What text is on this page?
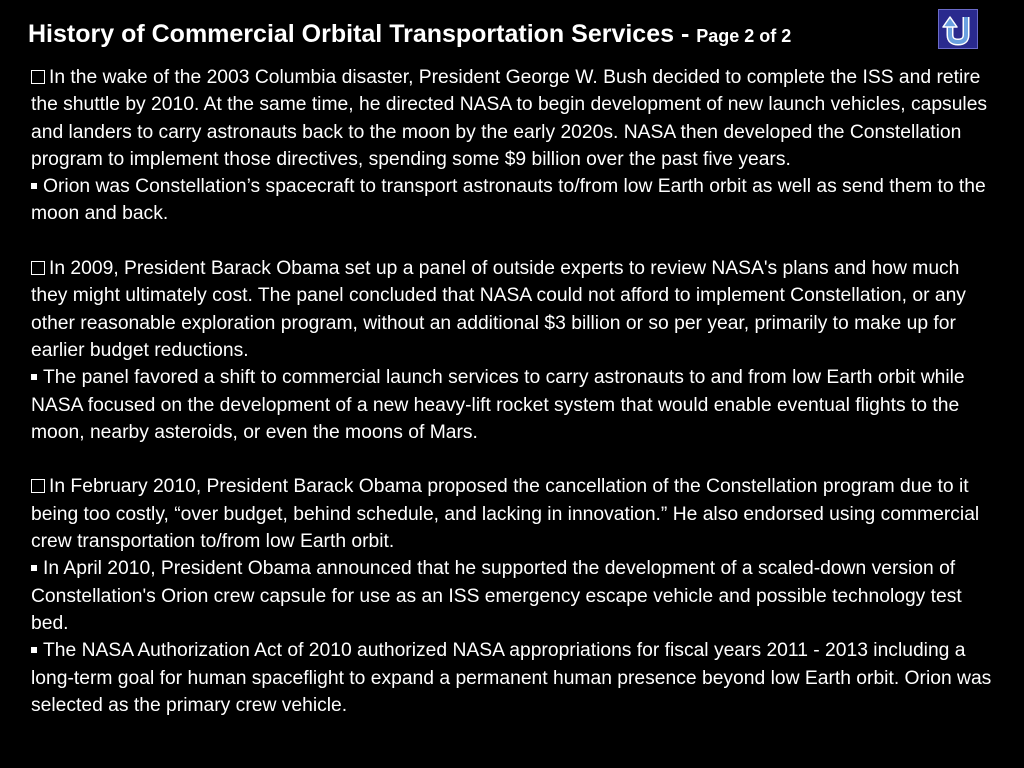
History of Commercial Orbital Transportation Services - Page 2 of 2

In the wake of the 2003 Columbia disaster, President George W. Bush decided to complete the ISS and retire the shuttle by 2010. At the same time, he directed NASA to begin development of new launch vehicles, capsules and landers to carry astronauts back to the moon by the early 2020s. NASA then developed the Constellation program to implement those directives, spending some $9 billion over the past five years.

Orion was Constellation’s spacecraft to transport astronauts to/from low Earth orbit as well as send them to the moon and back.

In 2009, President Barack Obama set up a panel of outside experts to review NASA's plans and how much they might ultimately cost. The panel concluded that NASA could not afford to implement Constellation, or any other reasonable exploration program, without an additional $3 billion or so per year, primarily to make up for earlier budget reductions.

The panel favored a shift to commercial launch services to carry astronauts to and from low Earth orbit while NASA focused on the development of a new heavy-lift rocket system that would enable eventual flights to the moon, nearby asteroids, or even the moons of Mars.

In February 2010, President Barack Obama proposed the cancellation of the Constellation program due to it being too costly, “over budget, behind schedule, and lacking in innovation.” He also endorsed using commercial crew transportation to/from low Earth orbit.

In April 2010, President Obama announced that he supported the development of a scaled-down version of Constellation's Orion crew capsule for use as an ISS emergency escape vehicle and possible technology test bed.

The NASA Authorization Act of 2010 authorized NASA appropriations for fiscal years 2011 - 2013 including a long-term goal for human spaceflight to expand a permanent human presence beyond low Earth orbit. Orion was selected as the primary crew vehicle.
